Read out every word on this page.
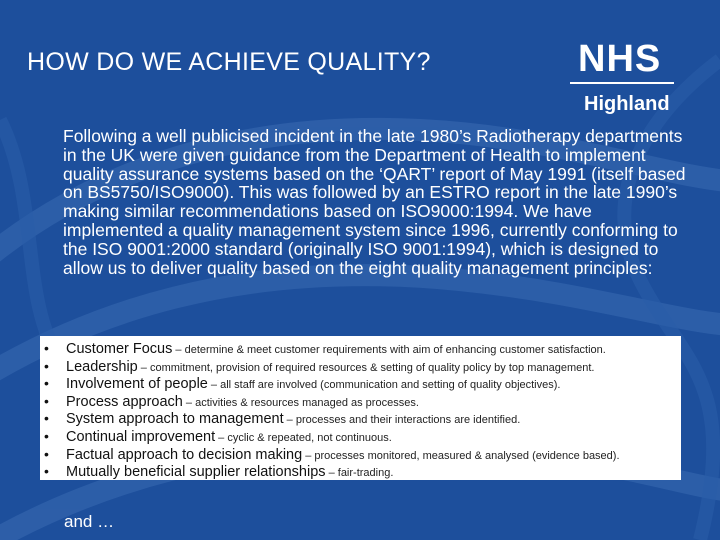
HOW DO WE ACHIEVE QUALITY?	NHS
Highland
Following a well publicised incident in the late 1980’s Radiotherapy departments in the UK were given guidance from the Department of Health to implement quality assurance systems based on the ‘QART’ report of May 1991 (itself based on BS5750/ISO9000). This was followed by an ESTRO report in the late 1990’s making similar recommendations based on ISO9000:1994. We have implemented a quality management system since 1996, currently conforming to the ISO 9001:2000 standard (originally ISO 9001:1994), which is designed to allow us to deliver quality based on the eight quality management principles:
• Customer Focus – determine & meet customer requirements with aim of enhancing customer satisfaction.
• Leadership – commitment, provision of required resources & setting of quality policy by top management.
• Involvement of people – all staff are involved (communication and setting of quality objectives).
• Process approach – activities & resources managed as processes.
• System approach to management – processes and their interactions are identified.
• Continual improvement – cyclic & repeated, not continuous.
• Factual approach to decision making – processes monitored, measured & analysed (evidence based).
• Mutually beneficial supplier relationships – fair-trading.
and …
